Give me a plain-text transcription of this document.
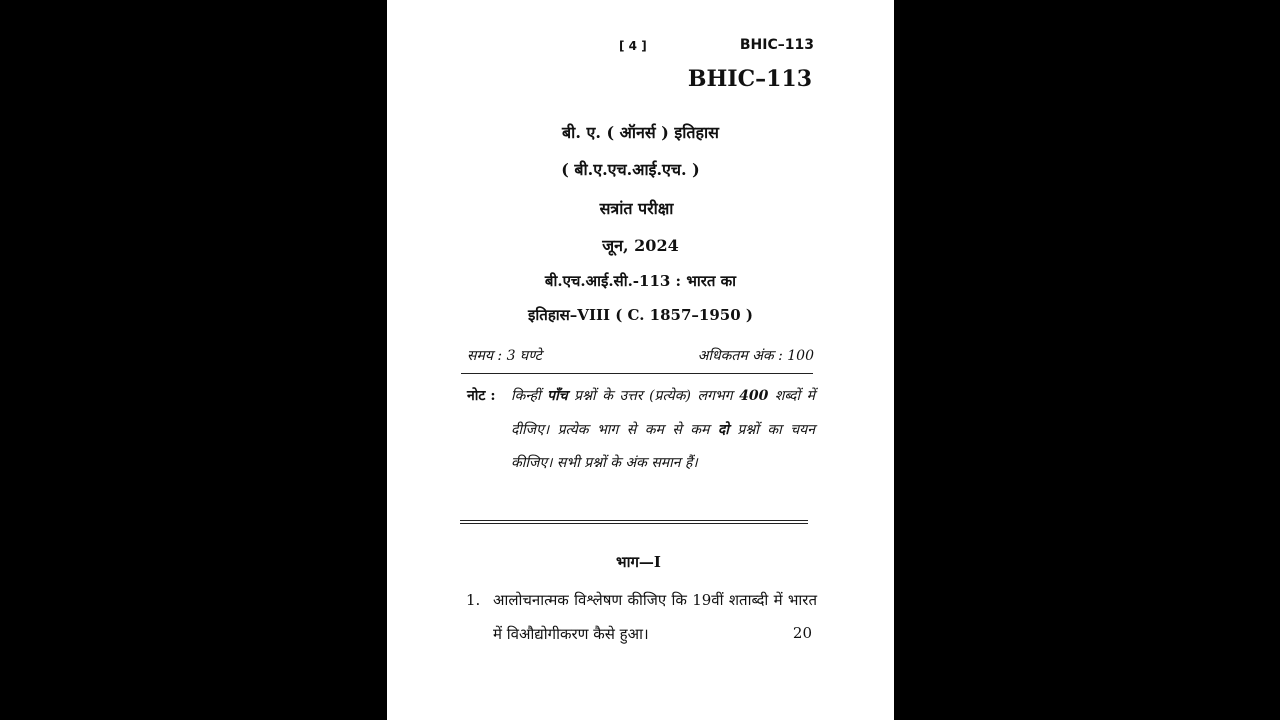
[ 4 ]	BHIC–113
BHIC–113
बी. ए. ( ऑनर्स ) इतिहास
( बी.ए.एच.आई.एच. )
सत्रांत परीक्षा
जून, 2024
बी.एच.आई.सी.-113 : भारत का
इतिहास–VIII ( C. 1857–1950 )
समय : 3 घण्टे	अधिकतम अंक : 100
नोट : किन्हीं पाँच प्रश्नों के उत्तर (प्रत्येक) लगभग 400 शब्दों में दीजिए। प्रत्येक भाग से कम से कम दो प्रश्नों का चयन कीजिए। सभी प्रश्नों के अंक समान हैं।
भाग—I
1. आलोचनात्मक विश्लेषण कीजिए कि 19वीं शताब्दी में भारत में विऔद्योगीकरण कैसे हुआ।	20
